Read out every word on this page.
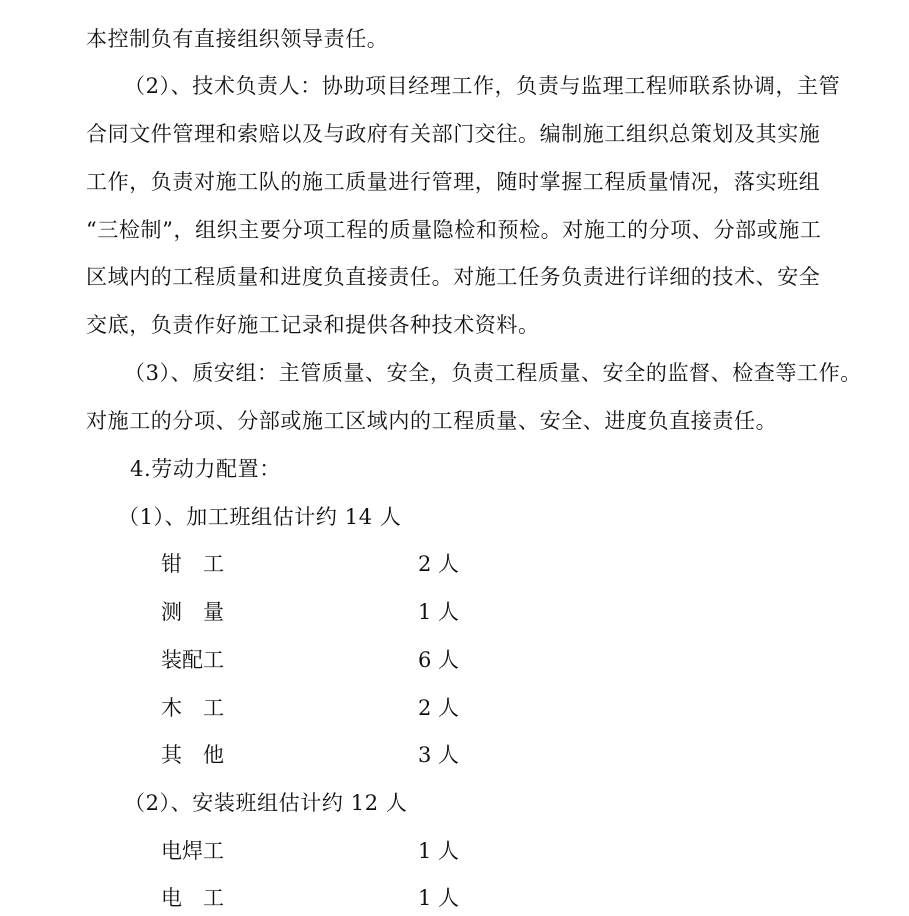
本控制负有直接组织领导责任。
（2）、技术负责人：协助项目经理工作，负责与监理工程师联系协调，主管
合同文件管理和索赔以及与政府有关部门交往。编制施工组织总策划及其实施
工作，负责对施工队的施工质量进行管理，随时掌握工程质量情况，落实班组
“三检制”，组织主要分项工程的质量隐检和预检。对施工的分项、分部或施工
区域内的工程质量和进度负直接责任。对施工任务负责进行详细的技术、安全
交底，负责作好施工记录和提供各种技术资料。
（3）、质安组：主管质量、安全，负责工程质量、安全的监督、检查等工作。
对施工的分项、分部或施工区域内的工程质量、安全、进度负直接责任。
4.劳动力配置：
（1）、加工班组估计约 14 人
钳　工	2 人
测　量	1 人
装配工	6 人
木　工	2 人
其　他	3 人
（2）、安装班组估计约 12 人
电焊工	1 人
电　工	1 人
